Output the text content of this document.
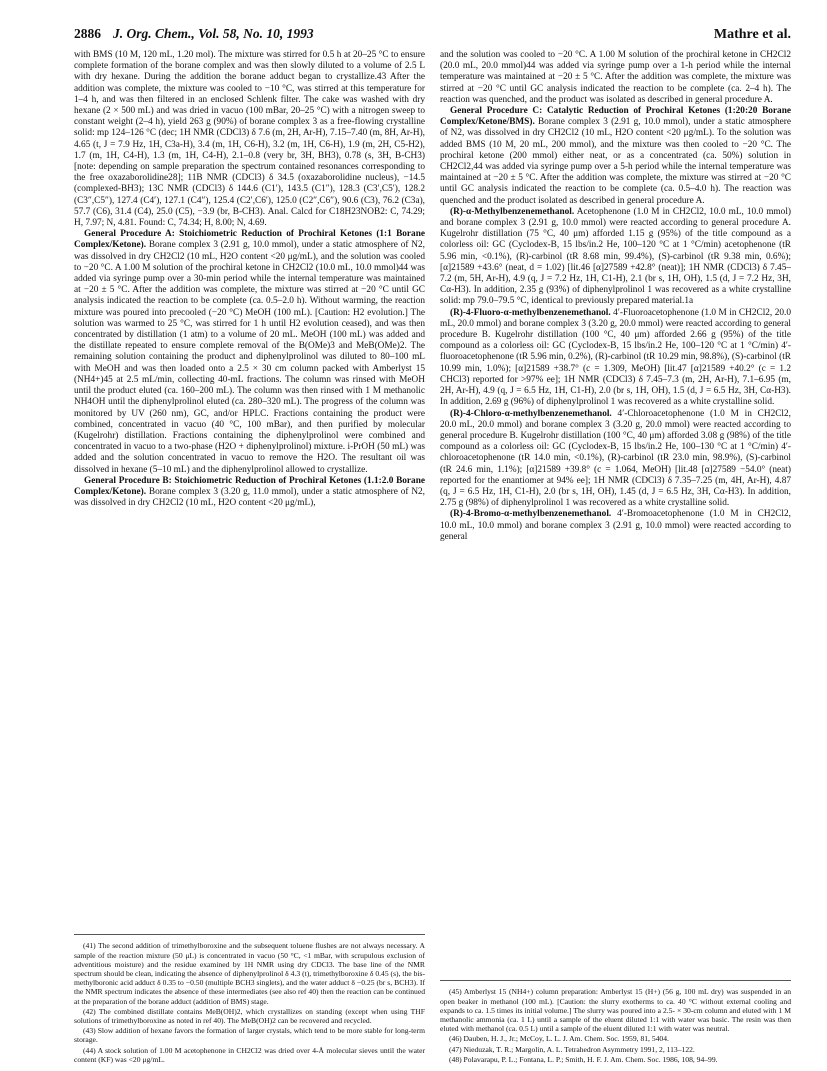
2886 J. Org. Chem., Vol. 58, No. 10, 1993	Mathre et al.

with BMS (10 M, 120 mL, 1.20 mol). The mixture was stirred for 0.5 h at 20–25 °C to ensure complete formation of the borane complex and was then slowly diluted to a volume of 2.5 L with dry hexane. During the addition the borane adduct began to crystallize.43 After the addition was complete, the mixture was cooled to −10 °C, was stirred at this temperature for 1–4 h, and was then filtered in an enclosed Schlenk filter. The cake was washed with dry hexane (2 × 500 mL) and was dried in vacuo (100 mBar, 20–25 °C) with a nitrogen sweep to constant weight (2–4 h), yield 263 g (90%) of borane complex 3 as a free-flowing crystalline solid: mp 124–126 °C (dec; 1H NMR (CDCl3) δ 7.6 (m, 2H, Ar-H), 7.15–7.40 (m, 8H, Ar-H), 4.65 (t, J = 7.9 Hz, 1H, C3a-H), 3.4 (m, 1H, C6-H), 3.2 (m, 1H, C6-H), 1.9 (m, 2H, C5-H2), 1.7 (m, 1H, C4-H), 1.3 (m, 1H, C4-H), 2.1–0.8 (very br, 3H, BH3), 0.78 (s, 3H, B-CH3) [note: depending on sample preparation the spectrum contained resonances corresponding to the free oxazaborolidine28]; 11B NMR (CDCl3) δ 34.5 (oxazaborolidine nucleus), −14.5 (complexed-BH3); 13C NMR (CDCl3) δ 144.6 (C1′), 143.5 (C1″), 128.3 (C3′,C5′), 128.2 (C3″,C5″), 127.4 (C4′), 127.1 (C4″), 125.4 (C2′,C6′), 125.0 (C2″,C6″), 90.6 (C3), 76.2 (C3a), 57.7 (C6), 31.4 (C4), 25.0 (C5), −3.9 (br, B-CH3). Anal. Calcd for C18H23NOB2: C, 74.29; H, 7.97; N, 4.81. Found: C, 74.34; H, 8.00; N, 4.69.

General Procedure A: Stoichiometric Reduction of Prochiral Ketones (1:1 Borane Complex/Ketone). Borane complex 3 (2.91 g, 10.0 mmol), under a static atmosphere of N2, was dissolved in dry CH2Cl2 (10 mL, H2O content <20 μg/mL), and the solution was cooled to −20 °C. A 1.00 M solution of the prochiral ketone in CH2Cl2 (10.0 mL, 10.0 mmol)44 was added via syringe pump over a 30-min period while the internal temperature was maintained at −20 ± 5 °C. After the addition was complete, the mixture was stirred at −20 °C until GC analysis indicated the reaction to be complete (ca. 0.5–2.0 h). Without warming, the reaction mixture was poured into precooled (−20 °C) MeOH (100 mL). [Caution: H2 evolution.] The solution was warmed to 25 °C, was stirred for 1 h until H2 evolution ceased), and was then concentrated by distillation (1 atm) to a volume of 20 mL. MeOH (100 mL) was added and the distillate repeated to ensure complete removal of the B(OMe)3 and MeB(OMe)2. The remaining solution containing the product and diphenylprolinol was diluted to 80–100 mL with MeOH and was then loaded onto a 2.5 × 30 cm column packed with Amberlyst 15 (NH4+)45 at 2.5 mL/min, collecting 40-mL fractions. The column was rinsed with MeOH until the product eluted (ca. 160–200 mL). The column was then rinsed with 1 M methanolic NH4OH until the diphenylprolinol eluted (ca. 280–320 mL). The progress of the column was monitored by UV (260 nm), GC, and/or HPLC. Fractions containing the product were combined, concentrated in vacuo (40 °C, 100 mBar), and then purified by molecular (Kugelrohr) distillation. Fractions containing the diphenylprolinol were combined and concentrated in vacuo to a two-phase (H2O + diphenylprolinol) mixture. i-PrOH (50 mL) was added and the solution concentrated in vacuo to remove the H2O. The resultant oil was dissolved in hexane (5–10 mL) and the diphenylprolinol allowed to crystallize.

General Procedure B: Stoichiometric Reduction of Prochiral Ketones (1.1:2.0 Borane Complex/Ketone). Borane complex 3 (3.20 g, 11.0 mmol), under a static atmosphere of N2, was dissolved in dry CH2Cl2 (10 mL, H2O content <20 μg/mL),

(41) The second addition of trimethylboroxine and the subsequent toluene flushes are not always necessary. A sample of the reaction mixture (50 μL) is concentrated in vacuo (50 °C, <1 mBar, with scrupulous exclusion of adventitious moisture) and the residue examined by 1H NMR using dry CDCl3. The base line of the NMR spectrum should be clean, indicating the absence of diphenylprolinol δ 4.3 (t), trimethylboroxine δ 0.45 (s), the bis-methylboronic acid adduct δ 0.35 to −0.50 (multiple BCH3 singlets), and the water adduct δ −0.25 (br s, BCH3). If the NMR spectrum indicates the absence of these intermediates (see also ref 40) then the reaction can be continued at the preparation of the borane adduct (addition of BMS) stage.

(42) The combined distillate contains MeB(OH)2, which crystallizes on standing (except when using THF solutions of trimethylboroxine as noted in ref 40). The MeB(OH)2 can be recovered and recycled.

(43) Slow addition of hexane favors the formation of larger crystals, which tend to be more stable for long-term storage.

(44) A stock solution of 1.00 M acetophenone in CH2Cl2 was dried over 4-Å molecular sieves until the water content (KF) was <20 μg/mL.

and the solution was cooled to −20 °C. A 1.00 M solution of the prochiral ketone in CH2Cl2 (20.0 mL, 20.0 mmol)44 was added via syringe pump over a 1-h period while the internal temperature was maintained at −20 ± 5 °C. After the addition was complete, the mixture was stirred at −20 °C until GC analysis indicated the reaction to be complete (ca. 2–4 h). The reaction was quenched, and the product was isolated as described in general procedure A.

General Procedure C: Catalytic Reduction of Prochiral Ketones (1:20:20 Borane Complex/Ketone/BMS). Borane complex 3 (2.91 g, 10.0 mmol), under a static atmosphere of N2, was dissolved in dry CH2Cl2 (10 mL, H2O content <20 μg/mL). To the solution was added BMS (10 M, 20 mL, 200 mmol), and the mixture was then cooled to −20 °C. The prochiral ketone (200 mmol) either neat, or as a concentrated (ca. 50%) solution in CH2Cl2,44 was added via syringe pump over a 5-h period while the internal temperature was maintained at −20 ± 5 °C. After the addition was complete, the mixture was stirred at −20 °C until GC analysis indicated the reaction to be complete (ca. 0.5–4.0 h). The reaction was quenched and the product isolated as described in general procedure A.

(R)-α-Methylbenzenemethanol. Acetophenone (1.0 M in CH2Cl2, 10.0 mL, 10.0 mmol) and borane complex 3 (2.91 g, 10.0 mmol) were reacted according to general procedure A. Kugelrohr distillation (75 °C, 40 μm) afforded 1.15 g (95%) of the title compound as a colorless oil: GC (Cyclodex-B, 15 lbs/in.2 He, 100–120 °C at 1 °C/min) acetophenone (tR 5.96 min, <0.1%), (R)-carbinol (tR 8.68 min, 99.4%), (S)-carbinol (tR 9.38 min, 0.6%); [α]21589 +43.6° (neat, d = 1.02) [lit.46 [α]27589 +42.8° (neat)]; 1H NMR (CDCl3) δ 7.45–7.2 (m, 5H, Ar-H), 4.9 (q, J = 7.2 Hz, 1H, C1-H), 2.1 (br s, 1H, OH), 1.5 (d, J = 7.2 Hz, 3H, Cα-H3). In addition, 2.35 g (93%) of diphenylprolinol 1 was recovered as a white crystalline solid: mp 79.0–79.5 °C, identical to previously prepared material.1a

(R)-4-Fluoro-α-methylbenzenemethanol. 4′-Fluoroacetophenone (1.0 M in CH2Cl2, 20.0 mL, 20.0 mmol) and borane complex 3 (3.20 g, 20.0 mmol) were reacted according to general procedure B. Kugelrohr distillation (100 °C, 40 μm) afforded 2.66 g (95%) of the title compound as a colorless oil: GC (Cyclodex-B, 15 lbs/in.2 He, 100–120 °C at 1 °C/min) 4′-fluoroacetophenone (tR 5.96 min, 0.2%), (R)-carbinol (tR 10.29 min, 98.8%), (S)-carbinol (tR 10.99 min, 1.0%); [α]21589 +38.7° (c = 1.309, MeOH) [lit.47 [α]21589 +40.2° (c = 1.2 CHCl3) reported for >97% ee]; 1H NMR (CDCl3) δ 7.45–7.3 (m, 2H, Ar-H), 7.1–6.95 (m, 2H, Ar-H), 4.9 (q, J = 6.5 Hz, 1H, C1-H), 2.0 (br s, 1H, OH), 1.5 (d, J = 6.5 Hz, 3H, Cα-H3). In addition, 2.69 g (96%) of diphenylprolinol 1 was recovered as a white crystalline solid.

(R)-4-Chloro-α-methylbenzenemethanol. 4′-Chloroacetophenone (1.0 M in CH2Cl2, 20.0 mL, 20.0 mmol) and borane complex 3 (3.20 g, 20.0 mmol) were reacted according to general procedure B. Kugelrohr distillation (100 °C, 40 μm) afforded 3.08 g (98%) of the title compound as a colorless oil: GC (Cyclodex-B, 15 lbs/in.2 He, 100–130 °C at 1 °C/min) 4′-chloroacetophenone (tR 14.0 min, <0.1%), (R)-carbinol (tR 23.0 min, 98.9%), (S)-carbinol (tR 24.6 min, 1.1%); [α]21589 +39.8° (c = 1.064, MeOH) [lit.48 [α]27589 −54.0° (neat) reported for the enantiomer at 94% ee]; 1H NMR (CDCl3) δ 7.35–7.25 (m, 4H, Ar-H), 4.87 (q, J = 6.5 Hz, 1H, C1-H), 2.0 (br s, 1H, OH), 1.45 (d, J = 6.5 Hz, 3H, Cα-H3). In addition, 2.75 g (98%) of diphenylprolinol 1 was recovered as a white crystalline solid.

(R)-4-Bromo-α-methylbenzenemethanol. 4′-Bromoacetophenone (1.0 M in CH2Cl2, 10.0 mL, 10.0 mmol) and borane complex 3 (2.91 g, 10.0 mmol) were reacted according to general

(45) Amberlyst 15 (NH4+) column preparation: Amberlyst 15 (H+) (56 g, 100 mL dry) was suspended in an open beaker in methanol (100 mL). [Caution: the slurry exotherms to ca. 40 °C without external cooling and expands to ca. 1.5 times its initial volume.] The slurry was poured into a 2.5- × 30-cm column and eluted with 1 M methanolic ammonia (ca. 1 L) until a sample of the eluent diluted 1:1 with water was basic. The resin was then eluted with methanol (ca. 0.5 L) until a sample of the eluent diluted 1:1 with water was neutral.

(46) Dauben, H. J., Jr.; McCoy, L. L. J. Am. Chem. Soc. 1959, 81, 5404.

(47) Nieduzak, T. R.; Margolin, A. L. Tetrahedron Asymmetry 1991, 2, 113–122.

(48) Polavarapu, P. L.; Fontana, L. P.; Smith, H. F. J. Am. Chem. Soc. 1986, 108, 94–99.
